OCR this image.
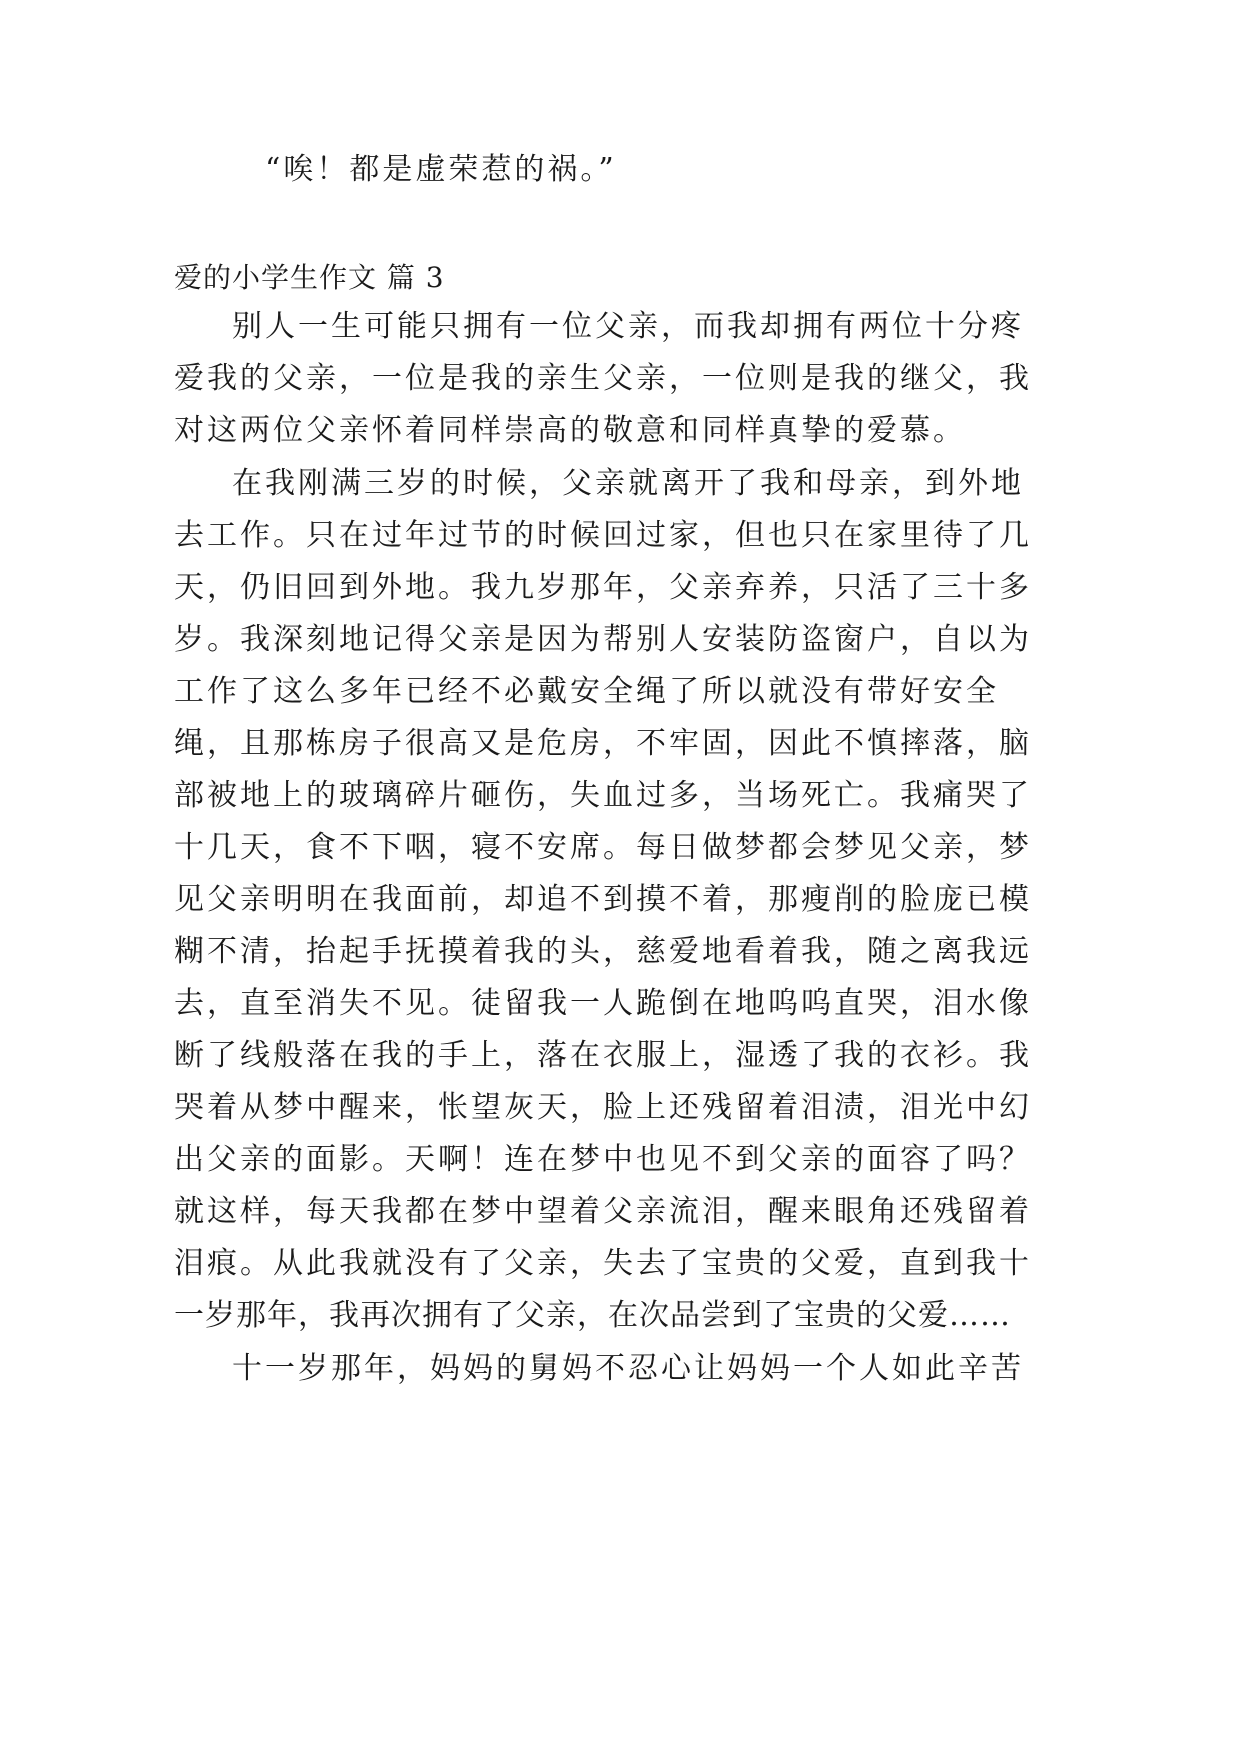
“唉！都是虚荣惹的祸。”
爱的小学生作文 篇 3
别人一生可能只拥有一位父亲，而我却拥有两位十分疼
爱我的父亲，一位是我的亲生父亲，一位则是我的继父，我
对这两位父亲怀着同样崇高的敬意和同样真挚的爱慕。
在我刚满三岁的时候，父亲就离开了我和母亲，到外地
去工作。只在过年过节的时候回过家，但也只在家里待了几
天，仍旧回到外地。我九岁那年，父亲弃养，只活了三十多
岁。我深刻地记得父亲是因为帮别人安装防盗窗户，自以为
工作了这么多年已经不必戴安全绳了所以就没有带好安全
绳，且那栋房子很高又是危房，不牢固，因此不慎摔落，脑
部被地上的玻璃碎片砸伤，失血过多，当场死亡。我痛哭了
十几天，食不下咽，寝不安席。每日做梦都会梦见父亲，梦
见父亲明明在我面前，却追不到摸不着，那瘦削的脸庞已模
糊不清，抬起手抚摸着我的头，慈爱地看着我，随之离我远
去，直至消失不见。徒留我一人跪倒在地呜呜直哭，泪水像
断了线般落在我的手上，落在衣服上，湿透了我的衣衫。我
哭着从梦中醒来，怅望灰天，脸上还残留着泪渍，泪光中幻
出父亲的面影。天啊！连在梦中也见不到父亲的面容了吗？
就这样，每天我都在梦中望着父亲流泪，醒来眼角还残留着
泪痕。从此我就没有了父亲，失去了宝贵的父爱，直到我十
一岁那年，我再次拥有了父亲，在次品尝到了宝贵的父爱……
十一岁那年，妈妈的舅妈不忍心让妈妈一个人如此辛苦
